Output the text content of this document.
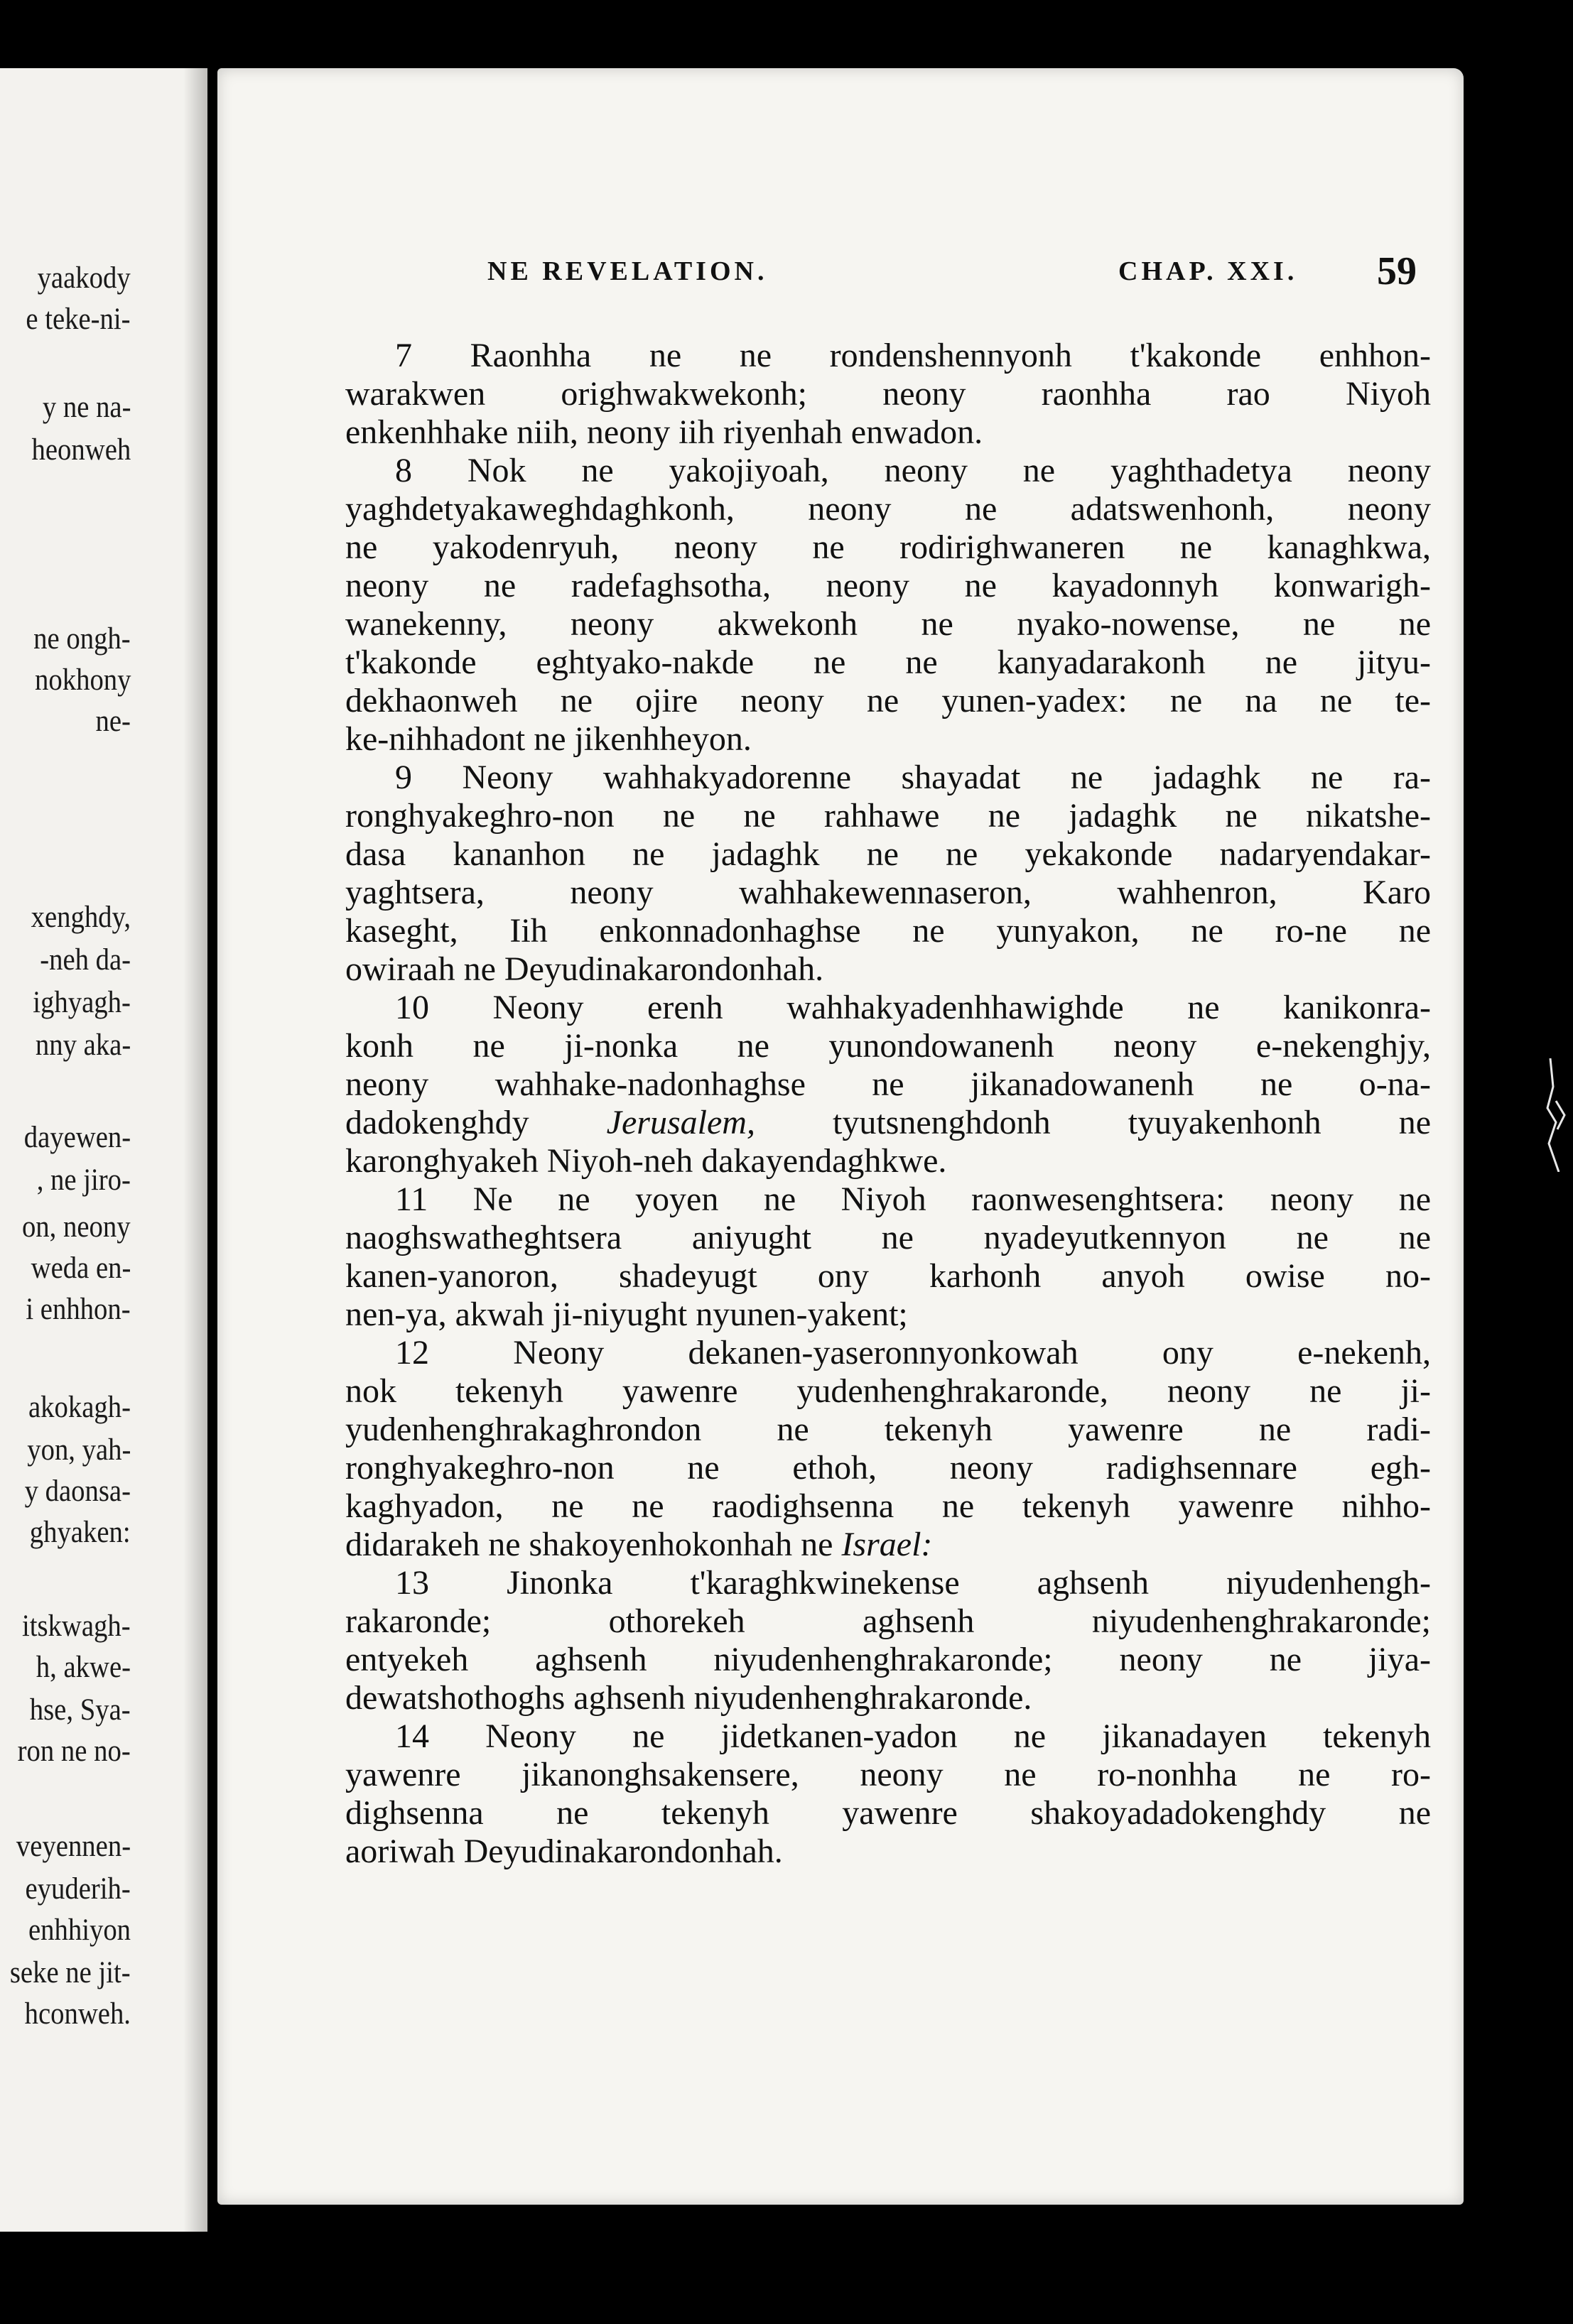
yaakody
e teke-ni-
y ne na-
heonweh
ne ongh-
nokhony
ne-
xenghdy,
-neh da-
ighyagh-
nny aka-
dayewen-
, ne jiro-
on, neony
weda en-
i enhhon-
akokagh-
yon, yah-
y daonsa-
ghyaken:
itskwagh-
h, akwe-
hse, Sya-
ron ne no-
veyennen-
eyuderih-
enhhiyon
seke ne jit-
hconweh.
NE REVELATION.	CHAP. XXI. 59
7 Raonhha ne ne rondenshennyonh t'kakonde enhhon-
warakwen orighwakwekonh; neony raonhha rao Niyoh
enkenhhake niih, neony iih riyenhah enwadon.
8 Nok ne yakojiyoah, neony ne yaghthadetya neony
yaghdetyakaweghdaghkonh, neony ne adatswenhonh, neony
ne yakodenryuh, neony ne rodirighwaneren ne kanaghkwa,
neony ne radefaghsotha, neony ne kayadonnyh konwarigh-
wanekenny, neony akwekonh ne nyako-nowense, ne ne
t'kakonde eghtyako-nakde ne ne kanyadarakonh ne jityu-
dekhaonweh ne ojire neony ne yunen-yadex: ne na ne te-
ke-nihhadont ne jikenhheyon.
9 Neony wahhakyadorenne shayadat ne jadaghk ne ra-
ronghyakeghro-non ne ne rahhawe ne jadaghk ne nikatshe-
dasa kananhon ne jadaghk ne ne yekakonde nadaryendakar-
yaghtsera, neony wahhakewennaseron, wahhenron, Karo
kaseght, Iih enkonnadonhaghse ne yunyakon, ne ro-ne ne
owiraah ne Deyudinakarondonhah.
10 Neony erenh wahhakyadenhhawighde ne kanikonra-
konh ne ji-nonka ne yunondowanenh neony e-nekenghjy,
neony wahhake-nadonhaghse ne jikanadowanenh ne o-na-
dadokenghdy Jerusalem, tyutsnenghdonh tyuyakenhonh ne
karonghyakeh Niyoh-neh dakayendaghkwe.
11 Ne ne yoyen ne Niyoh raonwesenghtsera: neony ne
naoghswatheghtsera aniyught ne nyadeyutkennyon ne ne
kanen-yanoron, shadeyugt ony karhonh anyoh owise no-
nen-ya, akwah ji-niyught nyunen-yakent;
12 Neony dekanen-yaseronnyonkowah ony e-nekenh,
nok tekenyh yawenre yudenhenghrakaronde, neony ne ji-
yudenhenghrakaghrondon ne tekenyh yawenre ne radi-
ronghyakeghro-non ne ethoh, neony radighsennare egh-
kaghyadon, ne ne raodighsenna ne tekenyh yawenre nihho-
didarakeh ne shakoyenhokonhah ne Israel:
13 Jinonka t'karaghkwinekense aghsenh niyudenhengh-
rakaronde; othorekeh aghsenh niyudenhenghrakaronde;
entyekeh aghsenh niyudenhenghrakaronde; neony ne jiya-
dewatshothoghs aghsenh niyudenhenghrakaronde.
14 Neony ne jidetkanen-yadon ne jikanadayen tekenyh
yawenre jikanonghsakensere, neony ne ro-nonhha ne ro-
dighsenna ne tekenyh yawenre shakoyadadokenghdy ne
aoriwah Deyudinakarondonhah.
